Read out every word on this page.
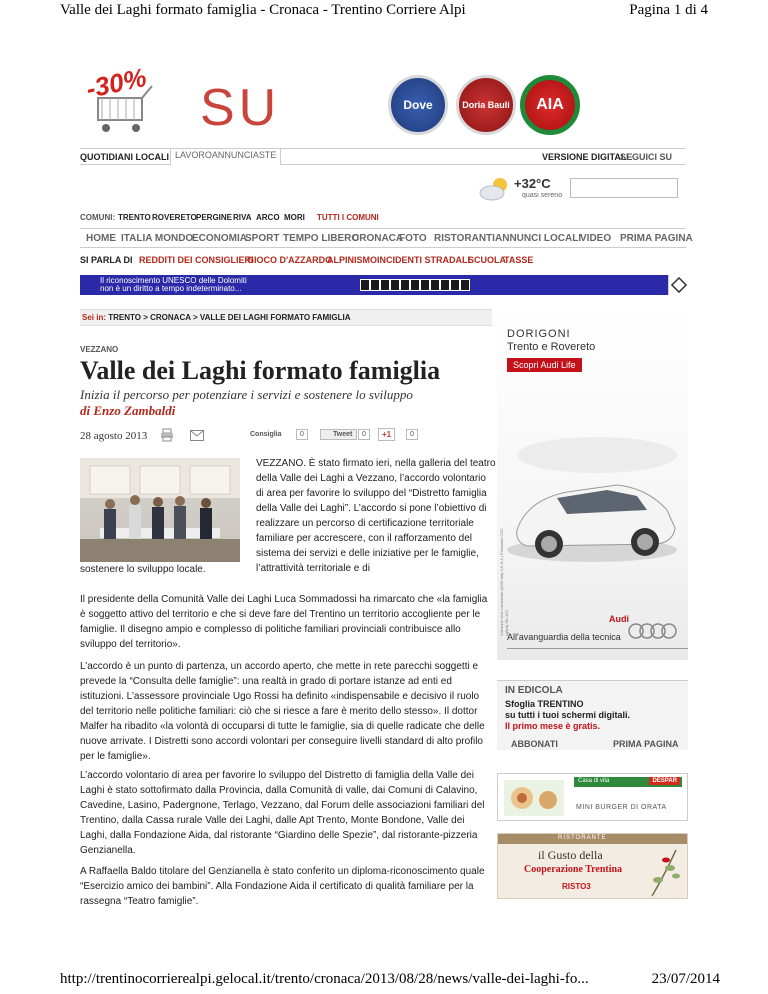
Valle dei Laghi formato famiglia - Cronaca - Trentino Corriere Alpi	Pagina 1 di 4
-30% SU	Dove	Doria Bauli	AIA
QUOTIDIANI LOCALI LAVOROANNUNCIASTE	VERSIONE DIGITALE
SEGUICI SU
+32°C
quasi sereno
COMUNI: TRENTO ROVERETO PERGINE RIVA ARCO MORI TUTTI I COMUNI
HOME ITALIA MONDO
ECONOMIA
SPORT TEMPO LIBERO
CRONACA
FOTO RISTORANTI ANNUNCI LOCALI
VIDEO PRIMA PAGINA
SI PARLA DI REDDITI DEI CONSIGLIERI
GIOCO D'AZZARDO
ALPINISMO INCIDENTI STRADALI
SCUOLA
TASSE
Il riconoscimento UNESCO delle Dolomiti
non è un diritto a tempo indeterminato...
Sei in: TRENTO > CRONACA > VALLE DEI LAGHI FORMATO FAMIGLIA
VEZZANO
Valle dei Laghi formato famiglia
Inizia il percorso per potenziare i servizi e sostenere lo sviluppo
di Enzo Zambaldi
28 agosto 2013	Consiglia	0	Tweet	0	+1	0
VEZZANO. È stato firmato ieri, nella galleria del teatro della Valle dei Laghi a Vezzano, l’accordo volontario di area per favorire lo sviluppo del “Distretto famiglia della Valle dei Laghi”. L’accordo si pone l’obiettivo di realizzare un percorso di certificazione territoriale familiare per accrescere, con il rafforzamento del sistema dei servizi e delle iniziative per le famiglie, l’attrattività territoriale e di
sostenere lo sviluppo locale.
Il presidente della Comunità Valle dei Laghi Luca Sommadossi ha rimarcato che «la famiglia è soggetto attivo del territorio e che si deve fare del Trentino un territorio accogliente per le famiglie. Il disegno ampio e complesso di politiche familiari provinciali contribuisce allo sviluppo del territorio».
L’accordo è un punto di partenza, un accordo aperto, che mette in rete parecchi soggetti e prevede la “Consulta delle famiglie”: una realtà in grado di portare istanze ad enti ed istituzioni. L’assessore provinciale Ugo Rossi ha definito «indispensabile e decisivo il ruolo del territorio nelle politiche familiari: ciò che si riesce a fare è merito dello stesso». Il dottor Malfer ha ribadito «la volontà di occuparsi di tutte le famiglie, sia di quelle radicate che delle nuove arrivate. I Distretti sono accordi volontari per conseguire livelli standard di alto profilo per le famiglie».
L’accordo volontario di area per favorire lo sviluppo del Distretto di famiglia della Valle dei Laghi è stato sottofirmato dalla Provincia, dalla Comunità di valle, dai Comuni di Calavino, Cavedine, Lasino, Padergnone, Terlago, Vezzano, dal Forum delle associazioni familiari del Trentino, dalla Cassa rurale Valle dei Laghi, dalle Apt Trento, Monte Bondone, Valle dei Laghi, dalla Fondazione Aida, dal ristorante “Giardino delle Spezie”, dal ristorante-pizzeria Genzianella.
A Raffaella Baldo titolare del Genzianella è stato conferito un diploma-riconoscimento quale “Esercizio amico dei bambini”. Alla Fondazione Aida il certificato di qualità familiare per la rassegna “Teatro famiglie”.
DORIGONI
Trento e Rovereto
Scopri Audi Life
Consumi ciclo combinato (l/100 km) 4,5–6,6 | Emissioni CO2 (g/km) 99–152	Audi
All'avanguardia della tecnica
IN EDICOLA
Sfoglia TRENTINO
su tutti i tuoi schermi digitali.
Il primo mese è gratis.
ABBONATI	PRIMA PAGINA
Casa di vita	DESPAR
MINI BURGER DI ORATA
RISTORANTE
il Gusto della
Cooperazione Trentina
RISTO3
http://trentinocorrierealpi.gelocal.it/trento/cronaca/2013/08/28/news/valle-dei-laghi-fo...	23/07/2014
